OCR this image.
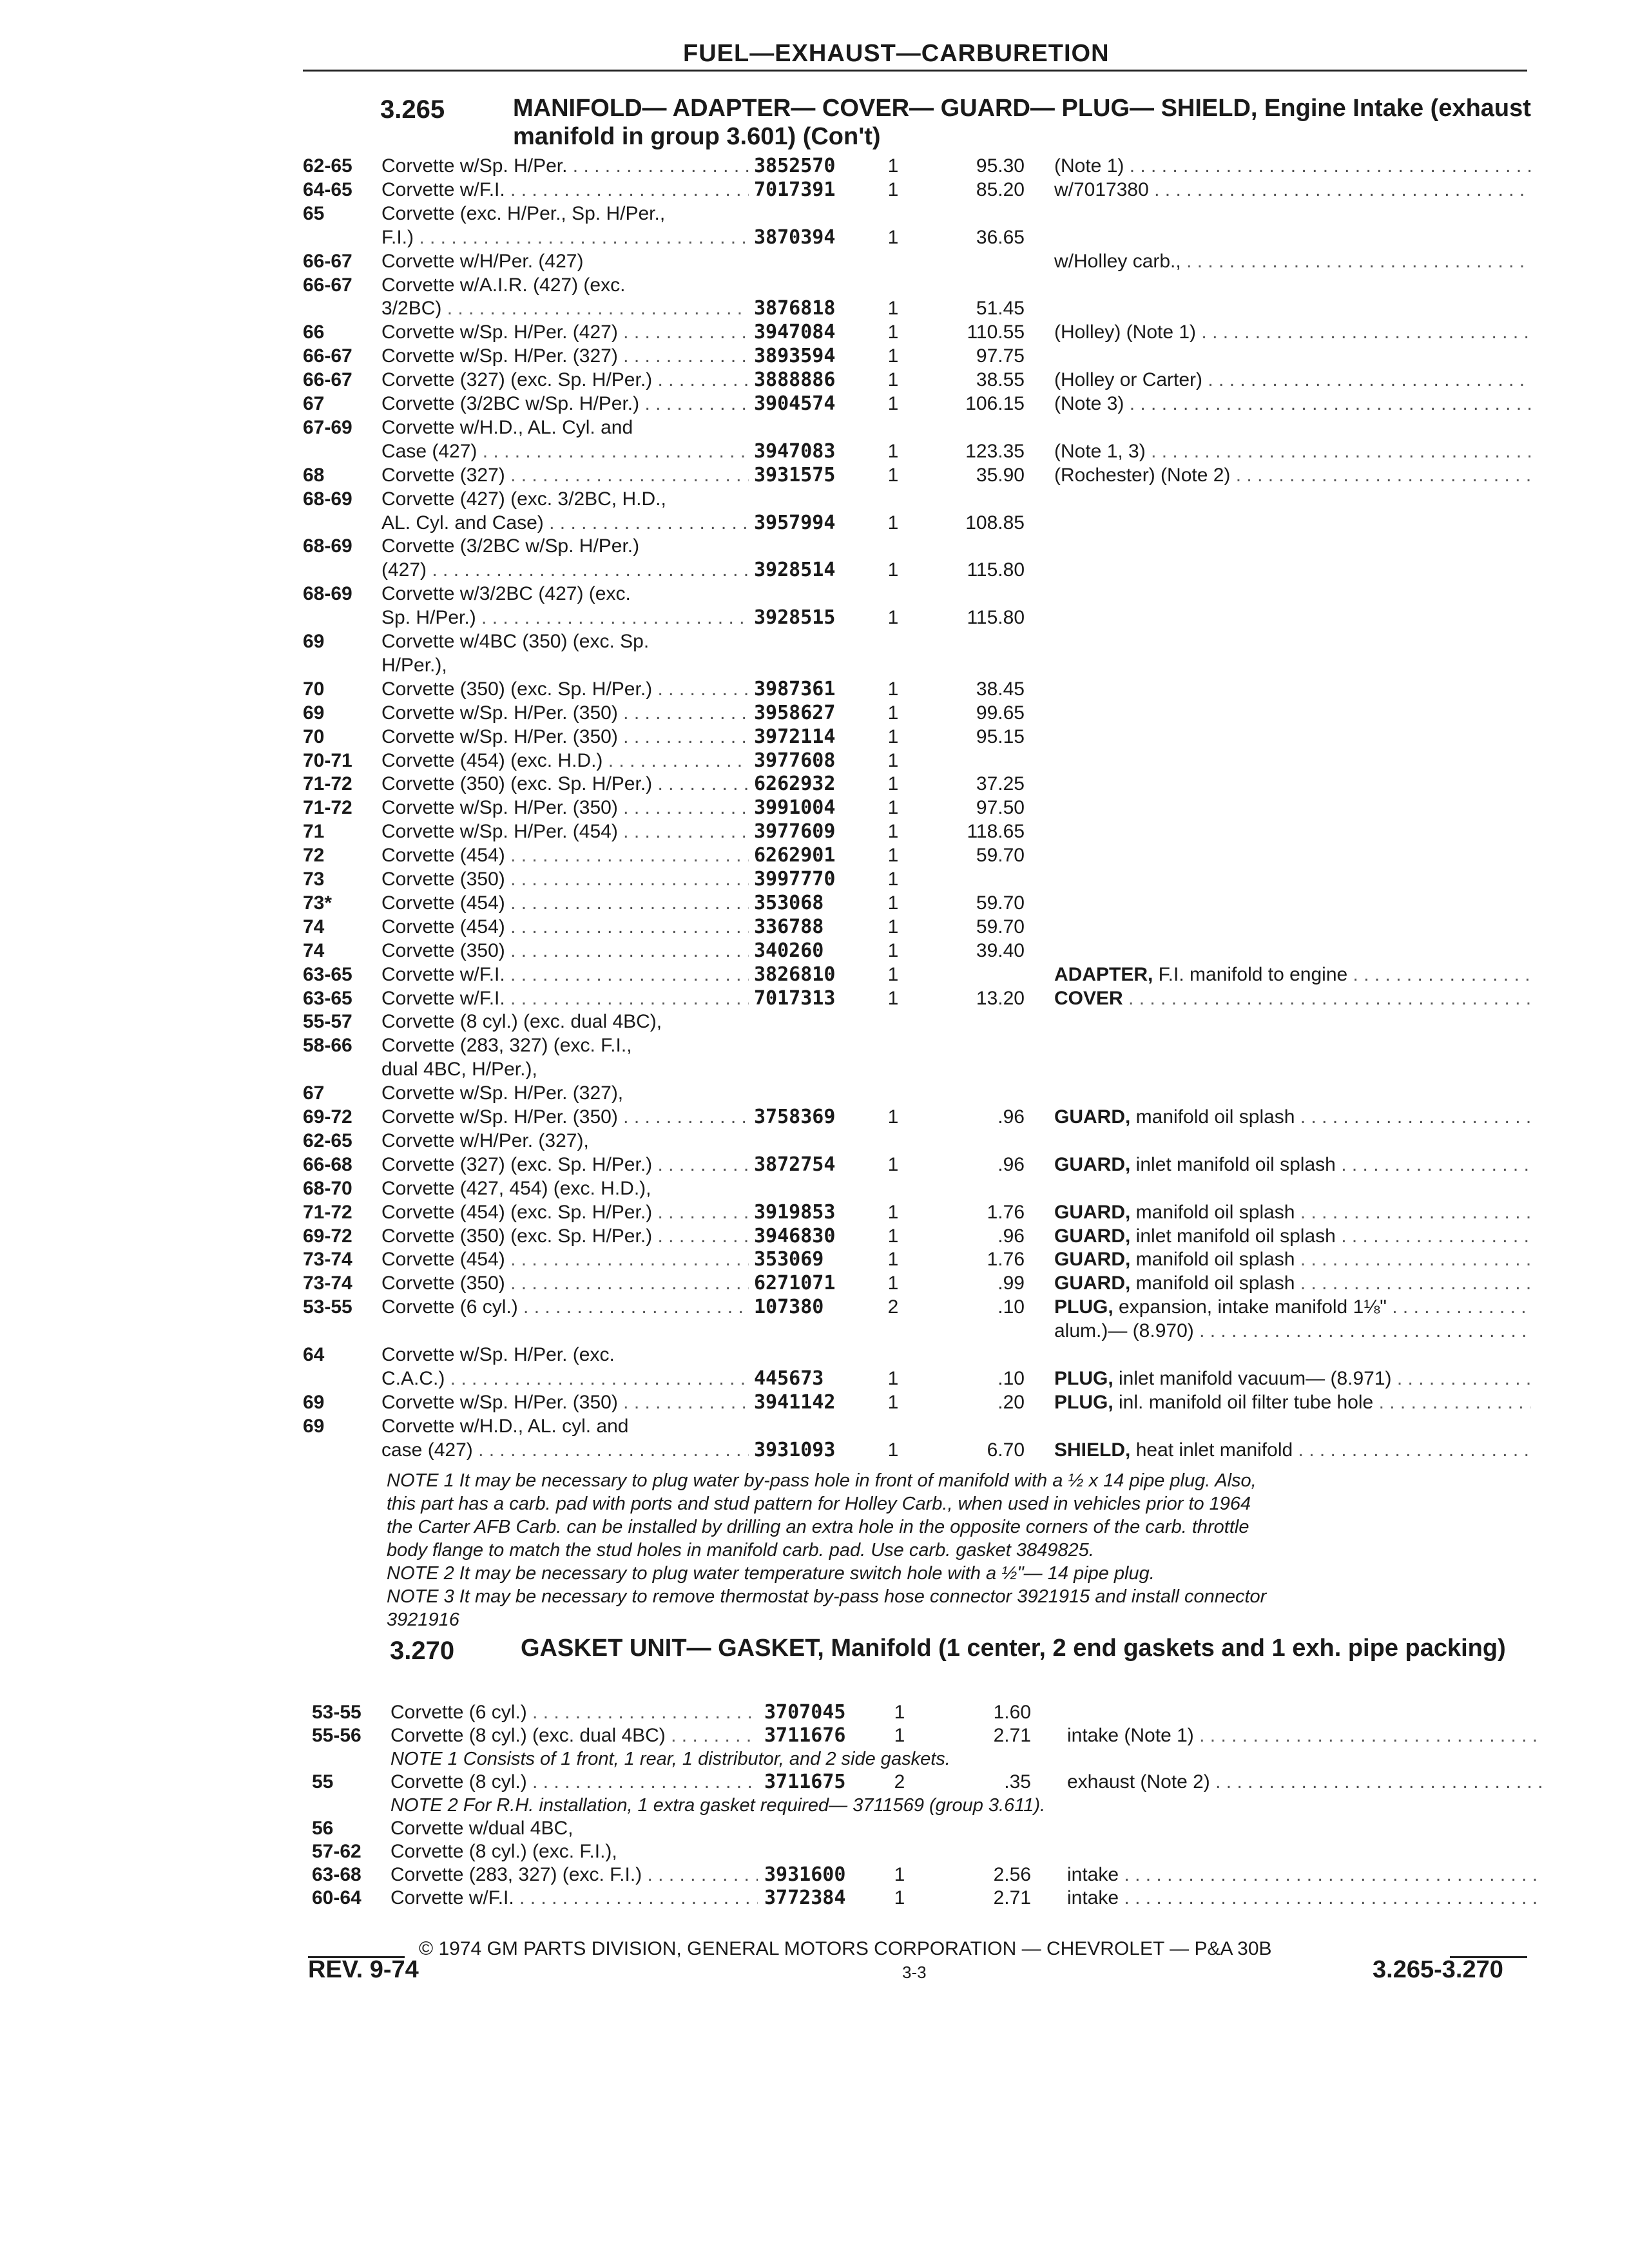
FUEL—EXHAUST—CARBURETION
3.265	MANIFOLD— ADAPTER— COVER— GUARD— PLUG— SHIELD, Engine Intake (exhaust manifold in group 3.601) (Con't)
62-65 Corvette w/Sp. H/Per. . . .	3852570	1	95.30 (Note 1) . . .
64-65 Corvette w/F.I. . . .	7017391	1	85.20 w/7017380 . . .
65	Corvette (exc. H/Per., Sp. H/Per.,
F.I.) . . .	3870394	1	36.65
66-67 Corvette w/H/Per. (427)	w/Holley carb., . . .
66-67 Corvette w/A.I.R. (427) (exc.
3/2BC) . . .	3876818	1	51.45
66	Corvette w/Sp. H/Per. (427) . . .	3947084	1	110.55 (Holley) (Note 1) . . .
66-67 Corvette w/Sp. H/Per. (327) . . .	3893594	1	97.75
66-67 Corvette (327) (exc. Sp. H/Per.) . . .	3888886	1	38.55 (Holley or Carter) . . .
67	Corvette (3/2BC w/Sp. H/Per.) . . .	3904574	1	106.15 (Note 3) . . .
67-69 Corvette w/H.D., AL. Cyl. and
Case (427) . . .	3947083	1	123.35 (Note 1, 3) . . .
68	Corvette (327) . . .	3931575	1	35.90 (Rochester) (Note 2) . . .
68-69 Corvette (427) (exc. 3/2BC, H.D.,
AL. Cyl. and Case) . . .	3957994	1	108.85
68-69 Corvette (3/2BC w/Sp. H/Per.)
(427) . . .	3928514	1	115.80
68-69 Corvette w/3/2BC (427) (exc.
Sp. H/Per.) . . .	3928515	1	115.80
69	Corvette w/4BC (350) (exc. Sp.
H/Per.),
70	Corvette (350) (exc. Sp. H/Per.) . . .	3987361	1	38.45
69	Corvette w/Sp. H/Per. (350) . . .	3958627	1	99.65
70	Corvette w/Sp. H/Per. (350) . . .	3972114	1	95.15
70-71 Corvette (454) (exc. H.D.) . . .	3977608	1
71-72 Corvette (350) (exc. Sp. H/Per.) . . .	6262932	1	37.25
71-72 Corvette w/Sp. H/Per. (350) . . .	3991004	1	97.50
71	Corvette w/Sp. H/Per. (454) . . .	3977609	1	118.65
72	Corvette (454) . . .	6262901	1	59.70
73	Corvette (350) . . .	3997770	1
73*	Corvette (454) . . .	353068	1	59.70
74	Corvette (454) . . .	336788	1	59.70
74	Corvette (350) . . .	340260	1	39.40
63-65 Corvette w/F.I. . . .	3826810	1	ADAPTER, F.I. manifold to engine . . .
63-65 Corvette w/F.I. . . .	7017313	1	13.20 COVER . . .
55-57 Corvette (8 cyl.) (exc. dual 4BC),
58-66 Corvette (283, 327) (exc. F.I.,
dual 4BC, H/Per.),
67	Corvette w/Sp. H/Per. (327),
69-72 Corvette w/Sp. H/Per. (350) . . .	3758369	1	.96 GUARD, manifold oil splash . . .
62-65 Corvette w/H/Per. (327),
66-68 Corvette (327) (exc. Sp. H/Per.) . . .	3872754	1	.96 GUARD, inlet manifold oil splash . . .
68-70 Corvette (427, 454) (exc. H.D.),
71-72 Corvette (454) (exc. Sp. H/Per.) . . .	3919853	1	1.76 GUARD, manifold oil splash . . .
69-72 Corvette (350) (exc. Sp. H/Per.) . . .	3946830	1	.96 GUARD, inlet manifold oil splash . . .
73-74 Corvette (454) . . .	353069	1	1.76 GUARD, manifold oil splash . . .
73-74 Corvette (350) . . .	6271071	1	.99 GUARD, manifold oil splash . . .
53-55 Corvette (6 cyl.) . . .	107380	2	.10 PLUG, expansion, intake manifold 1⅛" . . .
alum.)— (8.970) . . .
64	Corvette w/Sp. H/Per. (exc.
C.A.C.) . . .	445673	1	.10 PLUG, inlet manifold vacuum— (8.971) . . .
69	Corvette w/Sp. H/Per. (350) . . .	3941142	1	.20 PLUG, inl. manifold oil filter tube hole . . .
69	Corvette w/H.D., AL. cyl. and
case (427) . . .	3931093	1	6.70 SHIELD, heat inlet manifold . . .
NOTE 1 It may be necessary to plug water by-pass hole in front of manifold with a ½ x 14 pipe plug. Also,
this part has a carb. pad with ports and stud pattern for Holley Carb., when used in vehicles prior to 1964
the Carter AFB Carb. can be installed by drilling an extra hole in the opposite corners of the carb. throttle
body flange to match the stud holes in manifold carb. pad. Use carb. gasket 3849825.
NOTE 2 It may be necessary to plug water temperature switch hole with a ½"— 14 pipe plug.
NOTE 3 It may be necessary to remove thermostat by-pass hose connector 3921915 and install connector
3921916
3.270	GASKET UNIT— GASKET, Manifold (1 center, 2 end gaskets and 1 exh. pipe packing)
53-55 Corvette (6 cyl.) . . .	3707045	1	1.60
55-56 Corvette (8 cyl.) (exc. dual 4BC) . . .	3711676	1	2.71 intake (Note 1) . . .
NOTE 1 Consists of 1 front, 1 rear, 1 distributor, and 2 side gaskets.
55	Corvette (8 cyl.) . . .	3711675	2	.35 exhaust (Note 2) . . .
NOTE 2 For R.H. installation, 1 extra gasket required— 3711569 (group 3.611).
56	Corvette w/dual 4BC,
57-62 Corvette (8 cyl.) (exc. F.I.),
63-68 Corvette (283, 327) (exc. F.I.) . . .	3931600	1	2.56 intake . . .
60-64 Corvette w/F.I. . . .	3772384	1	2.71 intake . . .
© 1974 GM PARTS DIVISION, GENERAL MOTORS CORPORATION — CHEVROLET — P&A 30B
REV. 9-74	3-3	3.265-3.270
